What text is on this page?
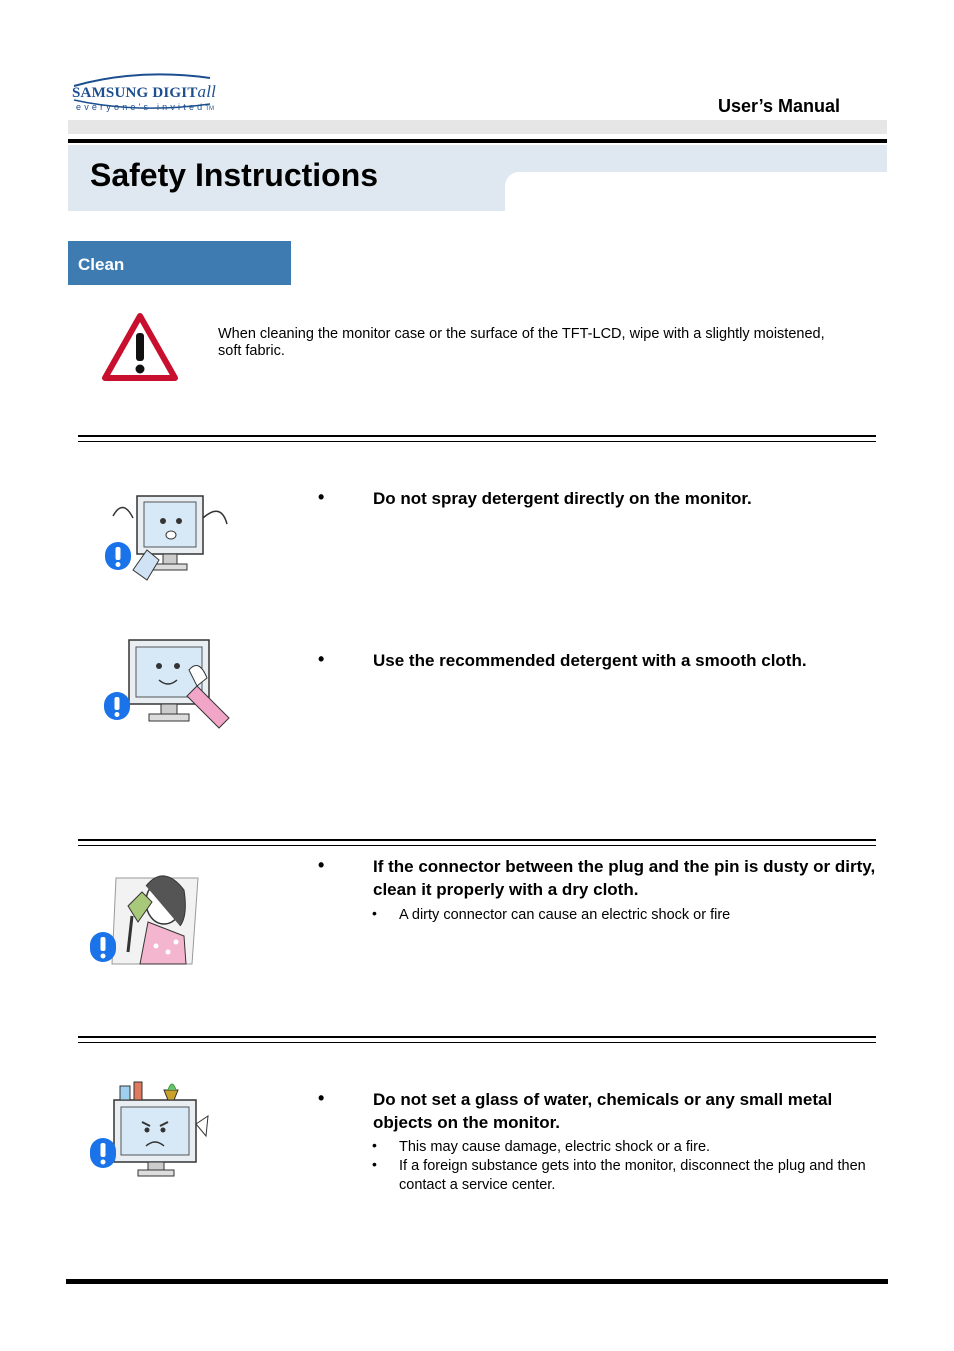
SAMSUNG DIGITall
everyone's invitedTM	User’s Manual
Safety Instructions
Clean
When cleaning the monitor case or the surface of the TFT-LCD, wipe with a slightly moistened, soft fabric.
•	Do not spray detergent directly on the monitor.
•	Use the recommended detergent with a smooth cloth.
•	If the connector between the plug and the pin is dusty or dirty, clean it properly with a dry cloth.
• A dirty connector can cause an electric shock or fire
•	Do not set a glass of water, chemicals or any small metal objects on the monitor.
• This may cause damage, electric shock or a fire.
• If a foreign substance gets into the monitor, disconnect the plug and then contact a service center.
